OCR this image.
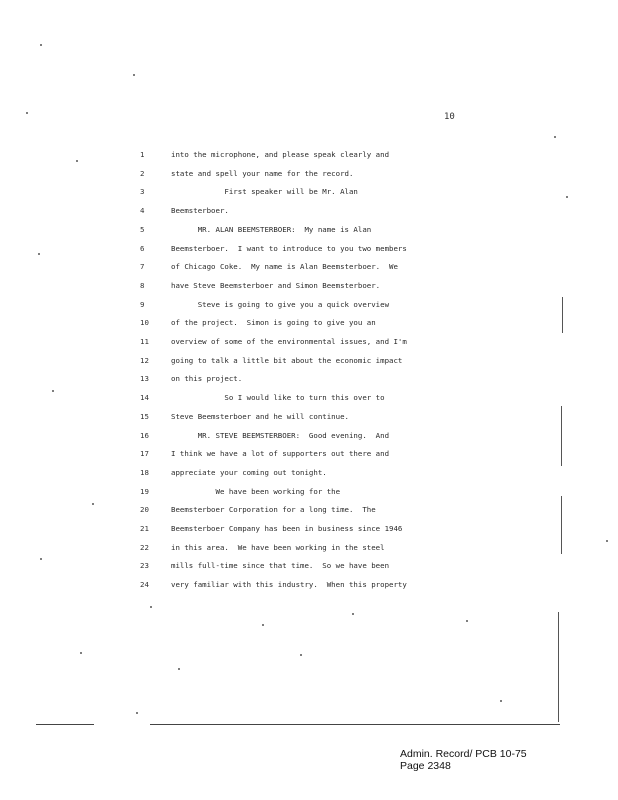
10
1	into the microphone, and please speak clearly and
2	state and spell your name for the record.
3	First speaker will be Mr. Alan
4	Beemsterboer.
5	MR. ALAN BEEMSTERBOER:  My name is Alan
6	Beemsterboer.  I want to introduce to you two members
7	of Chicago Coke.  My name is Alan Beemsterboer.  We
8	have Steve Beemsterboer and Simon Beemsterboer.
9	Steve is going to give you a quick overview
10	of the project.  Simon is going to give you an
11	overview of some of the environmental issues, and I'm
12	going to talk a little bit about the economic impact
13	on this project.
14	So I would like to turn this over to
15	Steve Beemsterboer and he will continue.
16	MR. STEVE BEEMSTERBOER:  Good evening.  And
17	I think we have a lot of supporters out there and
18	appreciate your coming out tonight.
19	We have been working for the
20	Beemsterboer Corporation for a long time.  The
21	Beemsterboer Company has been in business since 1946
22	in this area.  We have been working in the steel
23	mills full-time since that time.  So we have been
24	very familiar with this industry.  When this property
Admin. Record/ PCB 10-75
Page 2348
